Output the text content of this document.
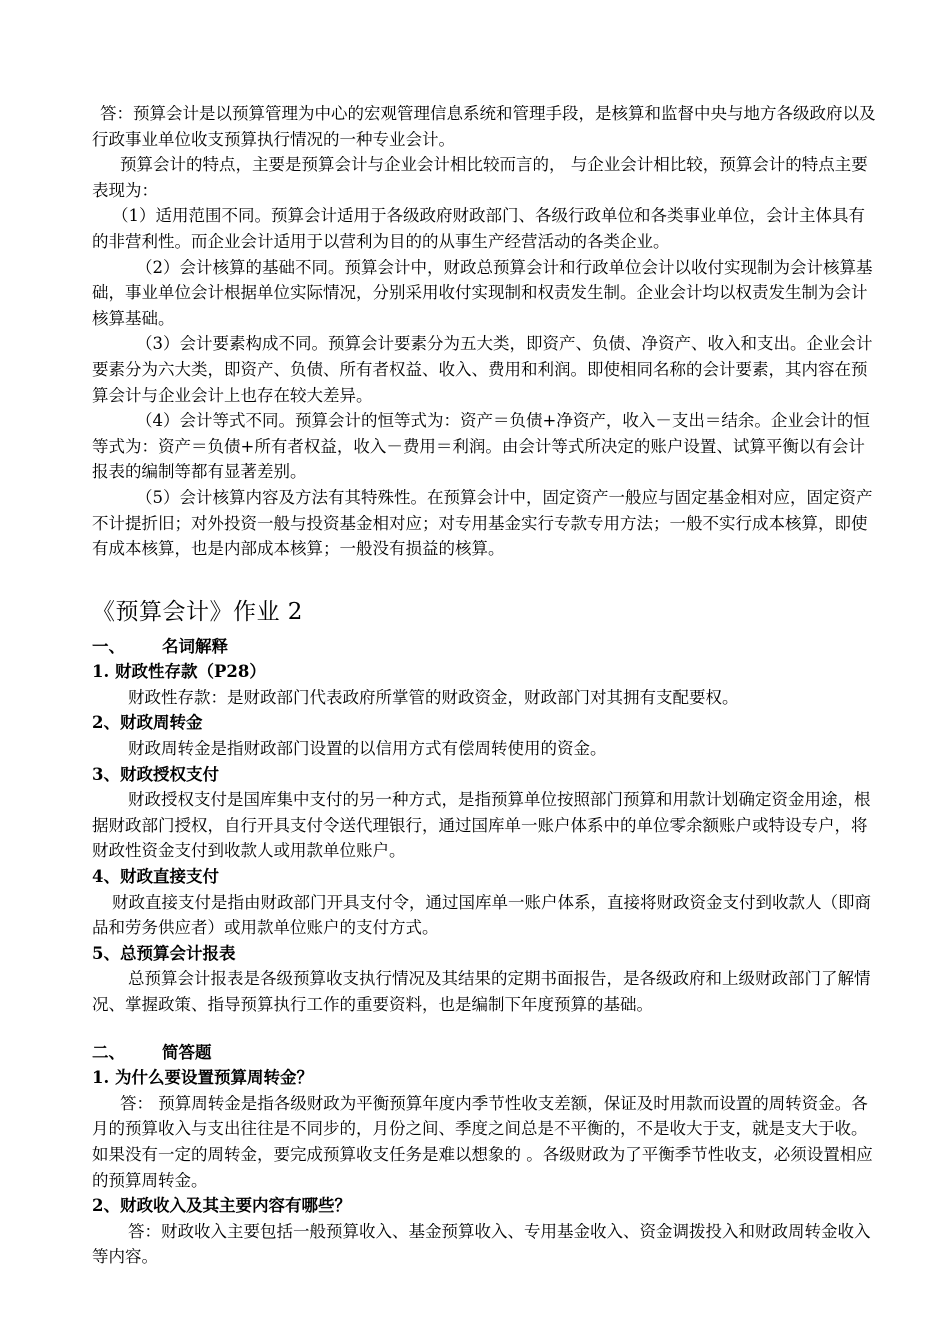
答：预算会计是以预算管理为中心的宏观管理信息系统和管理手段，是核算和监督中央与地方各级政府以及行政事业单位收支预算执行情况的一种专业会计。

预算会计的特点，主要是预算会计与企业会计相比较而言的， 与企业会计相比较，预算会计的特点主要表现为：

（1）适用范围不同。预算会计适用于各级政府财政部门、各级行政单位和各类事业单位，会计主体具有的非营利性。而企业会计适用于以营利为目的的从事生产经营活动的各类企业。

（2）会计核算的基础不同。预算会计中，财政总预算会计和行政单位会计以收付实现制为会计核算基础，事业单位会计根据单位实际情况，分别采用收付实现制和权责发生制。企业会计均以权责发生制为会计核算基础。

（3）会计要素构成不同。预算会计要素分为五大类，即资产、负债、净资产、收入和支出。企业会计要素分为六大类，即资产、负债、所有者权益、收入、费用和利润。即使相同名称的会计要素，其内容在预算会计与企业会计上也存在较大差异。

（4）会计等式不同。预算会计的恒等式为：资产＝负债+净资产，收入－支出＝结余。企业会计的恒等式为：资产＝负债+所有者权益，收入－费用＝利润。由会计等式所决定的账户设置、试算平衡以有会计报表的编制等都有显著差别。

（5）会计核算内容及方法有其特殊性。在预算会计中，固定资产一般应与固定基金相对应，固定资产不计提折旧；对外投资一般与投资基金相对应；对专用基金实行专款专用方法；一般不实行成本核算，即使有成本核算，也是内部成本核算；一般没有损益的核算。

《预算会计》作业 2

一、	名词解释

1. 财政性存款（P28）

财政性存款：是财政部门代表政府所掌管的财政资金，财政部门对其拥有支配要权。

2、财政周转金

财政周转金是指财政部门设置的以信用方式有偿周转使用的资金。

3、财政授权支付

财政授权支付是国库集中支付的另一种方式，是指预算单位按照部门预算和用款计划确定资金用途，根据财政部门授权，自行开具支付令送代理银行，通过国库单一账户体系中的单位零余额账户或特设专户，将财政性资金支付到收款人或用款单位账户。

4、财政直接支付

财政直接支付是指由财政部门开具支付令，通过国库单一账户体系，直接将财政资金支付到收款人（即商品和劳务供应者）或用款单位账户的支付方式。

5、总预算会计报表

总预算会计报表是各级预算收支执行情况及其结果的定期书面报告，是各级政府和上级财政部门了解情况、掌握政策、指导预算执行工作的重要资料，也是编制下年度预算的基础。

二、	简答题

1. 为什么要设置预算周转金？

答： 预算周转金是指各级财政为平衡预算年度内季节性收支差额，保证及时用款而设置的周转资金。各月的预算收入与支出往往是不同步的，月份之间、季度之间总是不平衡的，不是收大于支，就是支大于收。如果没有一定的周转金，要完成预算收支任务是难以想象的 。各级财政为了平衡季节性收支，必须设置相应的预算周转金。

2、财政收入及其主要内容有哪些？

答：财政收入主要包括一般预算收入、基金预算收入、专用基金收入、资金调拨投入和财政周转金收入等内容。
